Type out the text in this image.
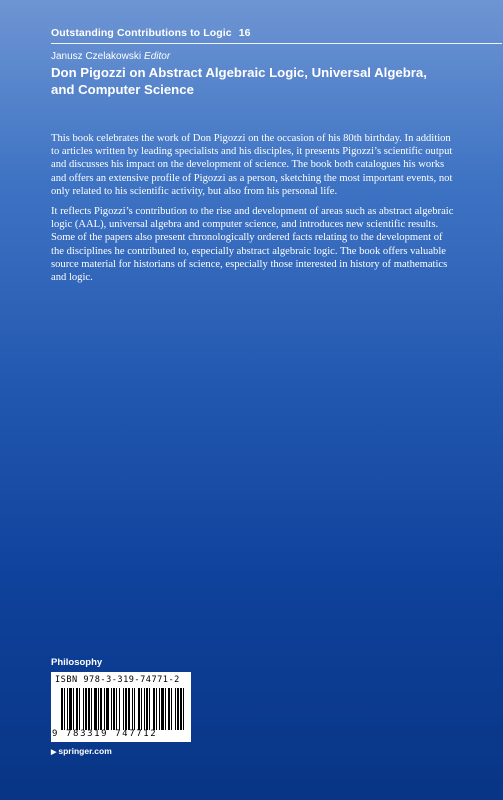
Outstanding Contributions to Logic 16
Janusz Czelakowski Editor
Don Pigozzi on Abstract Algebraic Logic, Universal Algebra,
and Computer Science

This book celebrates the work of Don Pigozzi on the occasion of his 80th birthday. In addition to articles written by leading specialists and his disciples, it presents Pigozzi’s scientific output and discusses his impact on the development of science. The book both catalogues his works and offers an extensive profile of Pigozzi as a person, sketching the most important events, not only related to his scientific activity, but also from his personal life.

It reflects Pigozzi’s contribution to the rise and development of areas such as abstract algebraic logic (AAL), universal algebra and computer science, and introduces new scientific results. Some of the papers also present chronologically ordered facts relating to the development of the disciplines he contributed to, especially abstract algebraic logic. The book offers valuable source material for historians of science, especially those interested in history of mathematics and logic.

Philosophy
ISBN 978-3-319-74771-2
9 783319 747712
▶ springer.com
